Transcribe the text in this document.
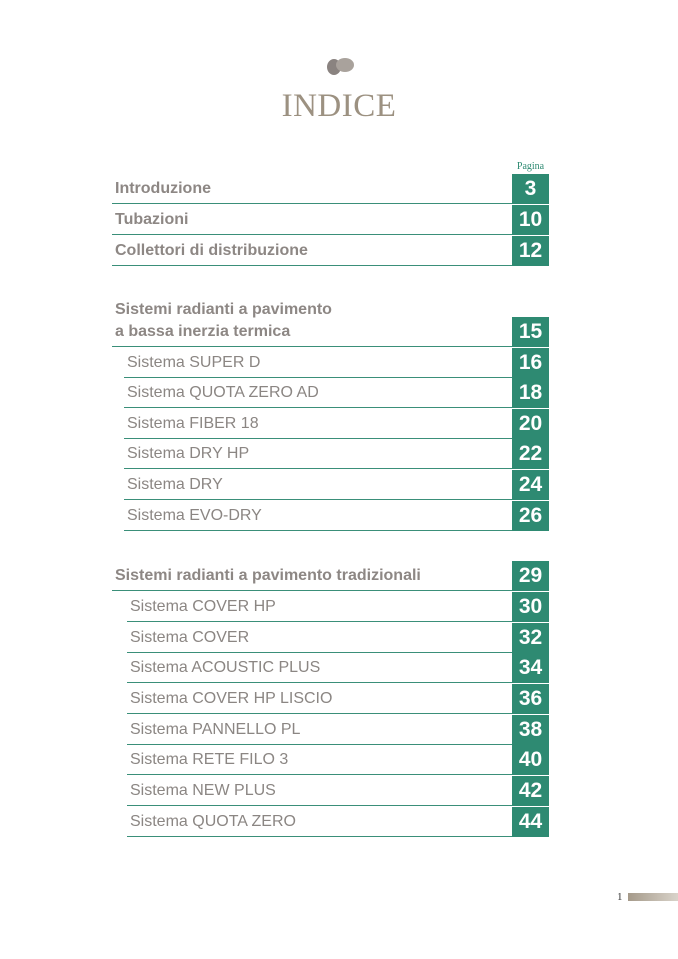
INDICE
Pagina
Introduzione	3
Tubazioni	10
Collettori di distribuzione	12
Sistemi radianti a pavimento
a bassa inerzia termica	15
Sistema SUPER D	16
Sistema QUOTA ZERO AD	18
Sistema FIBER 18	20
Sistema DRY HP	22
Sistema DRY	24
Sistema EVO-DRY	26
Sistemi radianti a pavimento tradizionali	29
Sistema COVER HP	30
Sistema COVER	32
Sistema ACOUSTIC PLUS	34
Sistema COVER HP LISCIO	36
Sistema PANNELLO PL	38
Sistema RETE FILO 3	40
Sistema NEW PLUS	42
Sistema QUOTA ZERO	44
1
